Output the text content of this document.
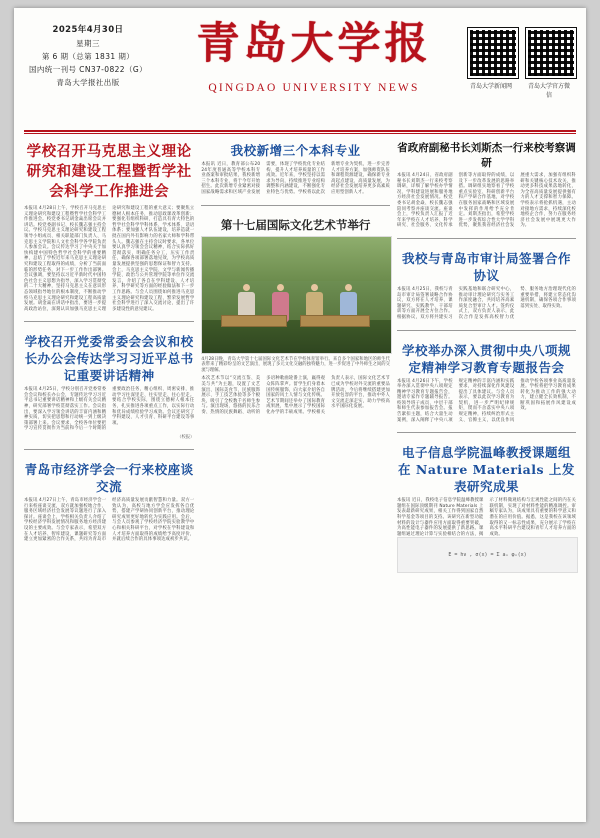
2025年4月30日
星期三
第 6 期（总第 1831 期）
国内统一刊号 CN37-0822（G）
青岛大学报社出版
青岛大学报
QINGDAO UNIVERSITY NEWS	青岛大学新闻网	青岛大学官方微信
学校召开马克思主义理论研究和建设工程暨哲学社会科学工作推进会
本报讯 4月28日上午，学校召开马克思主义理论研究和建设工程暨哲学社会科学工作推进会。校党委书记胡金焱出席会议并讲话。校党委副书记、校长魏志强主持会议。学校马克思主义理论研究和建设工程领导小组成员、相关职能部门负责人、马克思主义学院和人文社会科学各学院负责人参加会议。会议传达学习了中央关于加快构建中国特色哲学社会科学的重要精神，总结了学校近年来马克思主义理论研究和建设工程取得的成绩，分析了当前面临的形势任务，对下一步工作作出部署。会议强调，要坚持以习近平新时代中国特色社会主义思想为指导，深入学习贯彻党的二十大精神，坚持马克思主义在意识形态领域指导地位的根本制度，不断推动学校马克思主义理论研究和建设工程高质量发展。胡金焱在讲话中指出，要进一步提高政治站位，深刻认识加强马克思主义理论研究和建设工程的重大意义；要聚焦立德树人根本任务，推动思政课改革创新；要强化有组织科研，打造具有青大特色的哲学社会科学学科体系、学术体系、话语体系；要加强人才队伍建设，培养造就一批在国内外有影响力的名家大师和学科带头人。魏志强在主持会议时要求，各单位要认真学习领会会议精神，结合实际抓好贯彻落实，明确任务分工，压实工作责任，确保各项部署落地见效，为学校高质量发展提供坚强的思想保证和智力支持。会上，马克思主义学院、文学与新闻传播学院、政治与公共管理学院等单位作交流发言，介绍了各自在学科建设、人才培养、科学研究等方面的经验做法和下一步工作思路。与会人员围绕如何推进马克思主义理论研究和建设工程、繁荣发展哲学社会科学进行了深入交流讨论，提出了许多建设性的意见建议。
学校召开党委常委会会议和校长办公会传达学习习近平总书记重要讲话精神
本报讯 4月25日，学校分别召开党委常委会会议和校长办公会，专题传达学习习近平总书记重要讲话精神和上级有关会议精神，研究部署学校贯彻落实工作。会议指出，要深入学习领会讲话的丰富内涵和精神实质，切实把思想和行动统一到上级决策部署上来。会议要求，全校各单位要把学习宣传贯彻作为当前和今后一个时期的重要政治任务，精心组织、周密安排，推动学习往深里走、往实里走、往心里走。要结合学校实际，围绕立德树人根本任务，扎实推进各项重点工作，以实际行动和优异成绩检验学习成效。会议还研究了学科建设、人才引育、科研平台建设等事项。
（校报）
青岛市经济学会一行来校座谈交流
本报讯 4月27日上午，青岛市经济学会一行来校座谈交流，双方就加强校地合作、服务区域经济社会发展等议题进行了深入探讨。座谈会上，学校相关负责人介绍了学校经济学科发展情况和服务地方经济建设的主要成效。与会专家表示，希望双方在人才培养、智库建设、课题研究等方面建立更加紧密的合作关系，共同为青岛市经济高质量发展贡献智慧和力量。双方一致认为，高校与地方学会应发挥各自优势，搭建产学研协同创新平台，推动理论研究成果更好地转化为实践应用。会后，与会人员参观了学校经济学院实验教学中心和相关科研平台，对学校在学科建设和人才培养方面取得的成绩给予高度评价，并就后续合作的具体事项达成初步共识。
我校新增三个本科专业
本报讯 近日，教育部公布2024年度普通高等学校本科专业备案和审批结果，我校新增三个本科专业，将于今年开始招生。此次新增专业紧密对接国家战略需求和区域产业发展需要，体现了学校优化专业结构、提升人才培养质量的工作成效。近年来，学校坚持以需求为导向，持续推进专业结构调整和内涵建设，不断强化专业特色与优势。学校将以此次新增专业为契机，进一步完善人才培养方案，加强师资队伍和课程资源建设，确保新专业高起点建设、高质量发展，为经济社会发展培养更多高素质应用型创新人才。
第十七届国际文化艺术节举行
4月28日晚，青岛大学第十七届国际文化艺术节在学校体育馆举行。来自多个国家和地区的师生代表带来了精彩纷呈的文艺演出，展现了多元文化交融的独特魅力，进一步促进了中外师生之间的交流与理解。
本次艺术节以“交流互鉴、美美与共”为主题，设置了文艺演出、国际美食节、民族服饰展示、手工技艺体验等多个板块，吸引了全校数千名师生参与。演出现场，悠扬的民乐合奏、热情的民族舞蹈、动听的多语种歌曲轮番上演，赢得观众阵阵掌声。留学生们身着本国传统服饰，向大家介绍各自国家的风土人情与文化传统。艺术节期间还举办了国际教育成果展，集中展示了学校国际化办学的丰硕成果。学校相关负责人表示，国际文化艺术节已成为学校对外交流的重要品牌活动，今后将继续搭建更加开放包容的平台，推动中外人文交流走深走实，助力学校高水平国际化发展。
省政府副秘书长刘斯杰一行来校考察调研
本报讯 4月24日，省政府副秘书长刘斯杰一行来校考察调研，详细了解学校办学情况、学科建设进展和服务地方经济社会发展情况。校党委书记胡金焱、校长魏志强陪同考察并座谈交流。座谈会上，学校负责人汇报了近年来学校在人才培养、科学研究、社会服务、文化传承创新等方面取得的成绩，以及下一步改革发展的思路举措。调研组实地察看了学校重点实验室、科研创新平台和产学研合作基地，对学校在服务国家战略和区域发展中发挥的作用给予充分肯定。刘斯杰指出，希望学校进一步发挥综合性大学学科优势，聚焦我省经济社会发展重大需求，加强有组织科研和关键核心技术攻关，推动更多科技成果落地转化，为全省高质量发展提供强有力的人才支撑和智力保障。学校表示将抢抓机遇，主动对接地方需求，持续深化校地校企合作，努力在服务经济社会发展中展现更大作为。
我校与青岛市审计局签署合作协议
本报讯 4月25日，我校与青岛市审计局签署战略合作协议，双方将在人才培养、课题研究、实践教学、干部培训等方面开展全方位合作。根据协议，双方将共建实习实践基地和联合研究中心，推动审计理论研究与实务工作深度融合，共同培养高素质复合型审计人才。签约仪式上，双方负责人表示，此次合作是发挥高校智力优势、服务地方治理现代化的重要举措，将建立常态化沟通机制，确保各项合作事项落到实处、取得实效。
学校举办深入贯彻中央八项规定精神学习教育专题报告会
本报讯 4月26日下午，学校举办深入贯彻中央八项规定精神学习教育专题报告会，邀请专家作专题辅导报告。校领导班子成员、中层干部和师生代表参加报告会。报告紧扣主题，结合大量生动案例，深入阐释了中央八项规定精神的丰富内涵和实践要求，对持续深化作风建设提出了具体建议。与会人员表示，要以此次学习教育为契机，进一步严明纪律规矩，锲而不舍落实中央八项规定精神，持续纠治形式主义、官僚主义，以优良作风推动学校各项事业高质量发展。学校将把学习教育成果转化为推动工作的强大动力，建立健全长效机制，不断巩固和拓展作风建设成效。
电子信息学院温峰教授课题组在 Nature Materials 上发表研究成果
本报讯 近日，我校电子信息学院温峰教授课题组在国际顶级期刊 Nature Materials 上发表最新研究成果，相关工作得到国家自然科学基金等项目的支持。该研究在新型功能材料的设计与器件应用方面取得重要突破，为高性能电子器件的发展提供了新思路。课题组通过理论计算与实验相结合的方法，揭示了材料微观结构与宏观性能之间的内在关联机制，实现了对材料性能的精准调控。审稿专家认为，该成果具有重要的科学意义和潜在的应用价值。据悉，这是我校在该领域取得的又一标志性成果，充分展示了学校在高水平科研平台建设和青年人才培养方面的成效。
E = hν , σ(x) = Σ aₙ φₙ(x)
